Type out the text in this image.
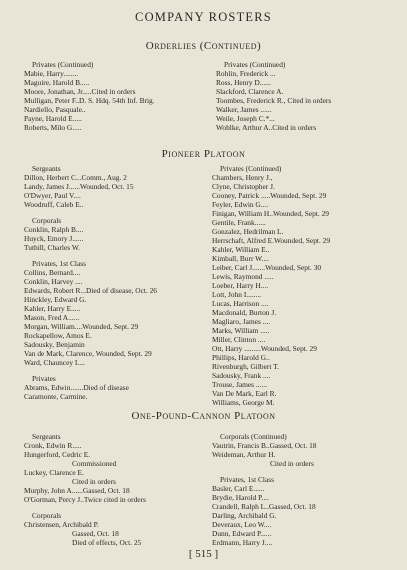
COMPANY ROSTERS
Orderlies (Continued)
Privates (Continued)
Mabie, Harry........
Maguire, Harold B.....
Moore, Jonathan, Jr.....Cited in orders
Mulligan, Peter F..D. S. Hdq. 54th Inf. Brig.
Nardiello, Pasquale..
Payne, Harold E.....
Roberts, Milo G.....
Privates (Continued)
Rohlin, Frederick ...
Ross, Henry D......
Slackford, Clarence A.
Toombes, Frederick R., Cited in orders
Walker, James ......
Weile, Joseph C.*...
Wohlke, Arthur A..Cited in orders
Pioneer Platoon
Sergeants
Dillon, Herbert C...Comm., Aug. 2
Landy, James J......Wounded, Oct. 15
O'Dwyer, Paul V....
Woodruff, Caleb E..
Corporals
Conklin, Ralph B....
Huyck, Emory J......
Tuthill, Charles W.
Privates, 1st Class
Collins, Bernard....
Conklin, Harvey ....
Edwards, Robert R...Died of disease, Oct. 26
Hinckley, Edward G.
Kahler, Harry E.....
Mason, Fred A......
Morgan, William....Wounded, Sept. 29
Rockapellow, Amos E.
Sadousky, Benjamin
Van de Mark, Clarence, Wounded, Sept. 29
Ward, Chauncey I....
Privates
Abrams, Edwin.......Died of disease
Caramonte, Carmine.
Privates (Continued)
Chambers, Henry J.,
Clyne, Christopher J.
Cooney, Patrick .....Wounded, Sept. 29
Feyler, Edwin G....
Finigan, William H..Wounded, Sept. 29
Gentile, Frank......
Gonzalez, Hedrilman L.
Herrschaft, Alfred E.Wounded, Sept. 29
Kahler, William E..
Kimball, Burr W....
Leiber, Carl J.......Wounded, Sept. 30
Lewis, Raymond .....
Loeber, Harry H....
Lott, John I........
Lucas, Harrison ....
Macdonald, Burton J.
Magliaro, James ....
Marks, William .....
Miller, Clinton ....
Ott, Harry .........Wounded, Sept. 29
Phillips, Harold G..
Rivenburgh, Gilbert T.
Sadousky, Frank ....
Trouse, James ......
Van De Mark, Earl R.
Williams, George M.
One-Pound-Cannon Platoon
Sergeants
Cronk, Edwin R.....
Hungerford, Cedric E.
Commissioned
Luckey, Clarence E.
Cited in orders
Murphy, John A......Gassed, Oct. 18
O'Gorman, Percy J..Twice cited in orders
Corporals
Christensen, Archibald P.
Gassed, Oct. 18
Died of effects, Oct. 25
Corporals (Continued)
Vautrin, Francis B..Gassed, Oct. 18
Weideman, Arthur H.
Cited in orders
Privates, 1st Class
Basler, Carl E......
Brydie, Harold P....
Crandell, Ralph L..Gassed, Oct. 18
Darling, Archibald G.
Deveraux, Leo W....
Dunn, Edward P......
Erdmann, Harry J....
[ 515 ]
